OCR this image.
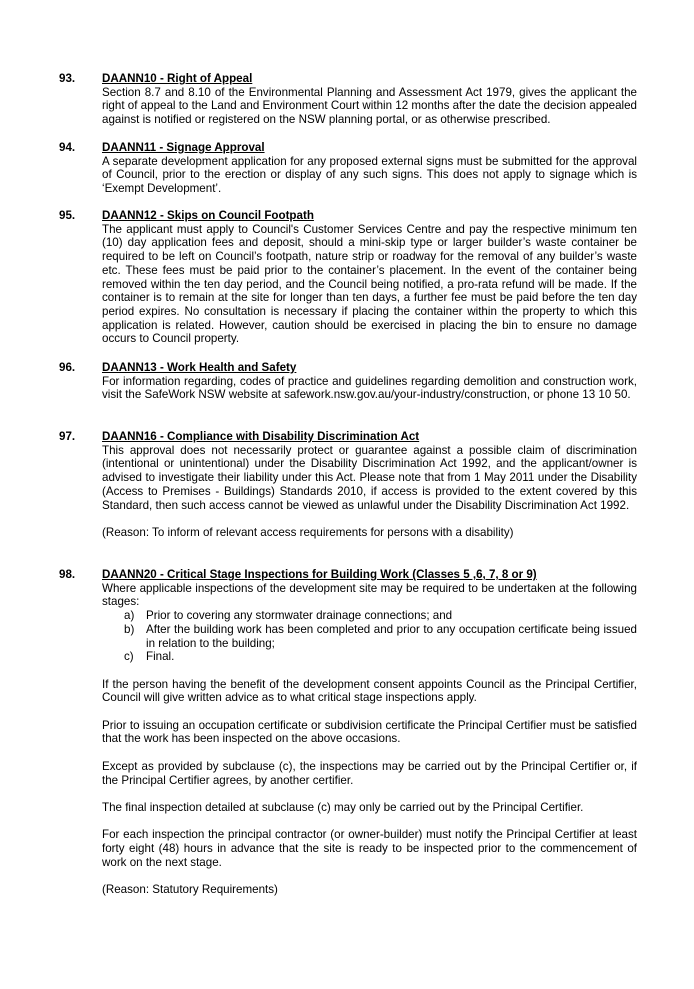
93. DAANN10 - Right of Appeal
Section 8.7 and 8.10 of the Environmental Planning and Assessment Act 1979, gives the applicant the right of appeal to the Land and Environment Court within 12 months after the date the decision appealed against is notified or registered on the NSW planning portal, or as otherwise prescribed.
94. DAANN11 - Signage Approval
A separate development application for any proposed external signs must be submitted for the approval of Council, prior to the erection or display of any such signs. This does not apply to signage which is ‘Exempt Development’.
95. DAANN12 - Skips on Council Footpath
The applicant must apply to Council's Customer Services Centre and pay the respective minimum ten (10) day application fees and deposit, should a mini-skip type or larger builder’s waste container be required to be left on Council’s footpath, nature strip or roadway for the removal of any builder’s waste etc. These fees must be paid prior to the container’s placement. In the event of the container being removed within the ten day period, and the Council being notified, a pro-rata refund will be made. If the container is to remain at the site for longer than ten days, a further fee must be paid before the ten day period expires. No consultation is necessary if placing the container within the property to which this application is related. However, caution should be exercised in placing the bin to ensure no damage occurs to Council property.
96. DAANN13 - Work Health and Safety
For information regarding, codes of practice and guidelines regarding demolition and construction work, visit the SafeWork NSW website at safework.nsw.gov.au/your-industry/construction, or phone 13 10 50.
97. DAANN16 - Compliance with Disability Discrimination Act
This approval does not necessarily protect or guarantee against a possible claim of discrimination (intentional or unintentional) under the Disability Discrimination Act 1992, and the applicant/owner is advised to investigate their liability under this Act. Please note that from 1 May 2011 under the Disability (Access to Premises - Buildings) Standards 2010, if access is provided to the extent covered by this Standard, then such access cannot be viewed as unlawful under the Disability Discrimination Act 1992.
(Reason: To inform of relevant access requirements for persons with a disability)
98. DAANN20 - Critical Stage Inspections for Building Work (Classes 5 ,6, 7, 8 or 9)
Where applicable inspections of the development site may be required to be undertaken at the following stages:
a)	Prior to covering any stormwater drainage connections; and
b)	After the building work has been completed and prior to any occupation certificate being issued in relation to the building;
c)	Final.
If the person having the benefit of the development consent appoints Council as the Principal Certifier, Council will give written advice as to what critical stage inspections apply.
Prior to issuing an occupation certificate or subdivision certificate the Principal Certifier must be satisfied that the work has been inspected on the above occasions.
Except as provided by subclause (c), the inspections may be carried out by the Principal Certifier or, if the Principal Certifier agrees, by another certifier.
The final inspection detailed at subclause (c) may only be carried out by the Principal Certifier.
For each inspection the principal contractor (or owner-builder) must notify the Principal Certifier at least forty eight (48) hours in advance that the site is ready to be inspected prior to the commencement of work on the next stage.
(Reason: Statutory Requirements)
